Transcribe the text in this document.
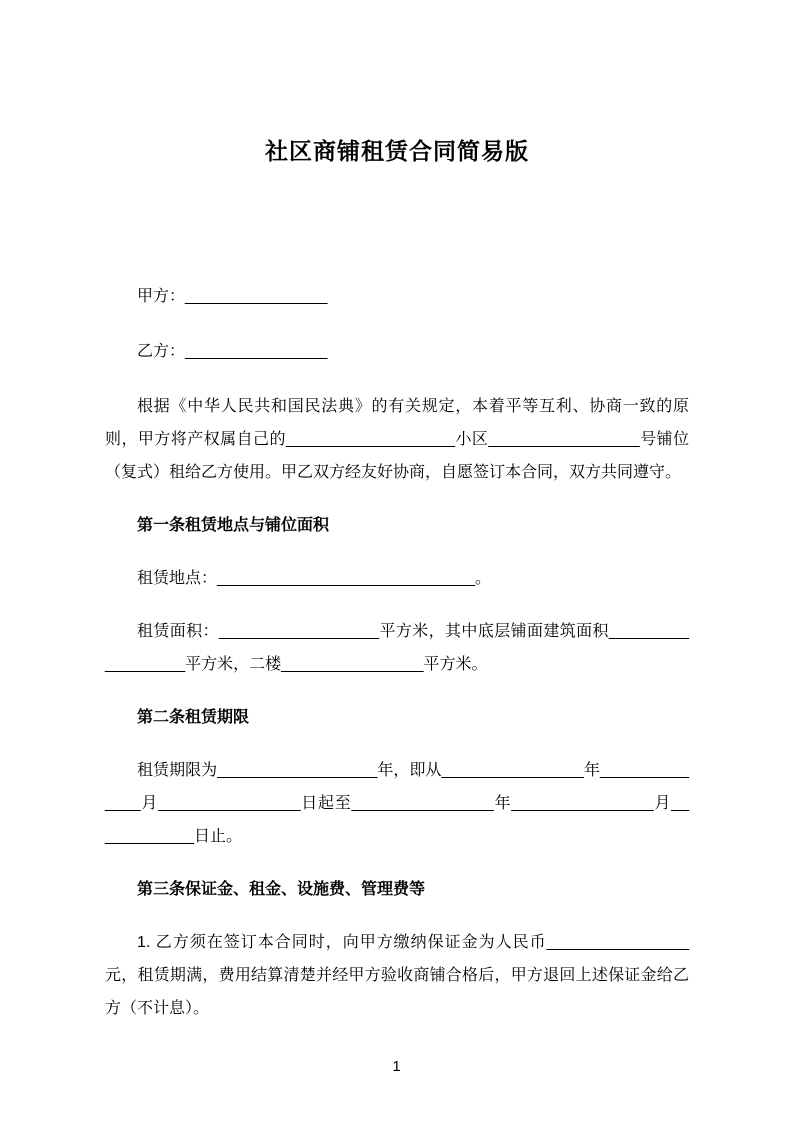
社区商铺租赁合同简易版

甲方：________________

乙方：________________

根据《中华人民共和国民法典》的有关规定，本着平等互利、协商一致的原则，甲方将产权属自己的___________________小区_________________号铺位（复式）租给乙方使用。甲乙双方经友好协商，自愿签订本合同，双方共同遵守。

第一条租赁地点与铺位面积

租赁地点：_____________________________。

租赁面积：__________________平方米，其中底层铺面建筑面积__________________平方米，二楼________________平方米。

第二条租赁期限

租赁期限为__________________年，即从________________年______________月________________日起至________________年________________月____________日止。

第三条保证金、租金、设施费、管理费等

1. 乙方须在签订本合同时，向甲方缴纳保证金为人民币________________元，租赁期满，费用结算清楚并经甲方验收商铺合格后，甲方退回上述保证金给乙方（不计息）。

1
